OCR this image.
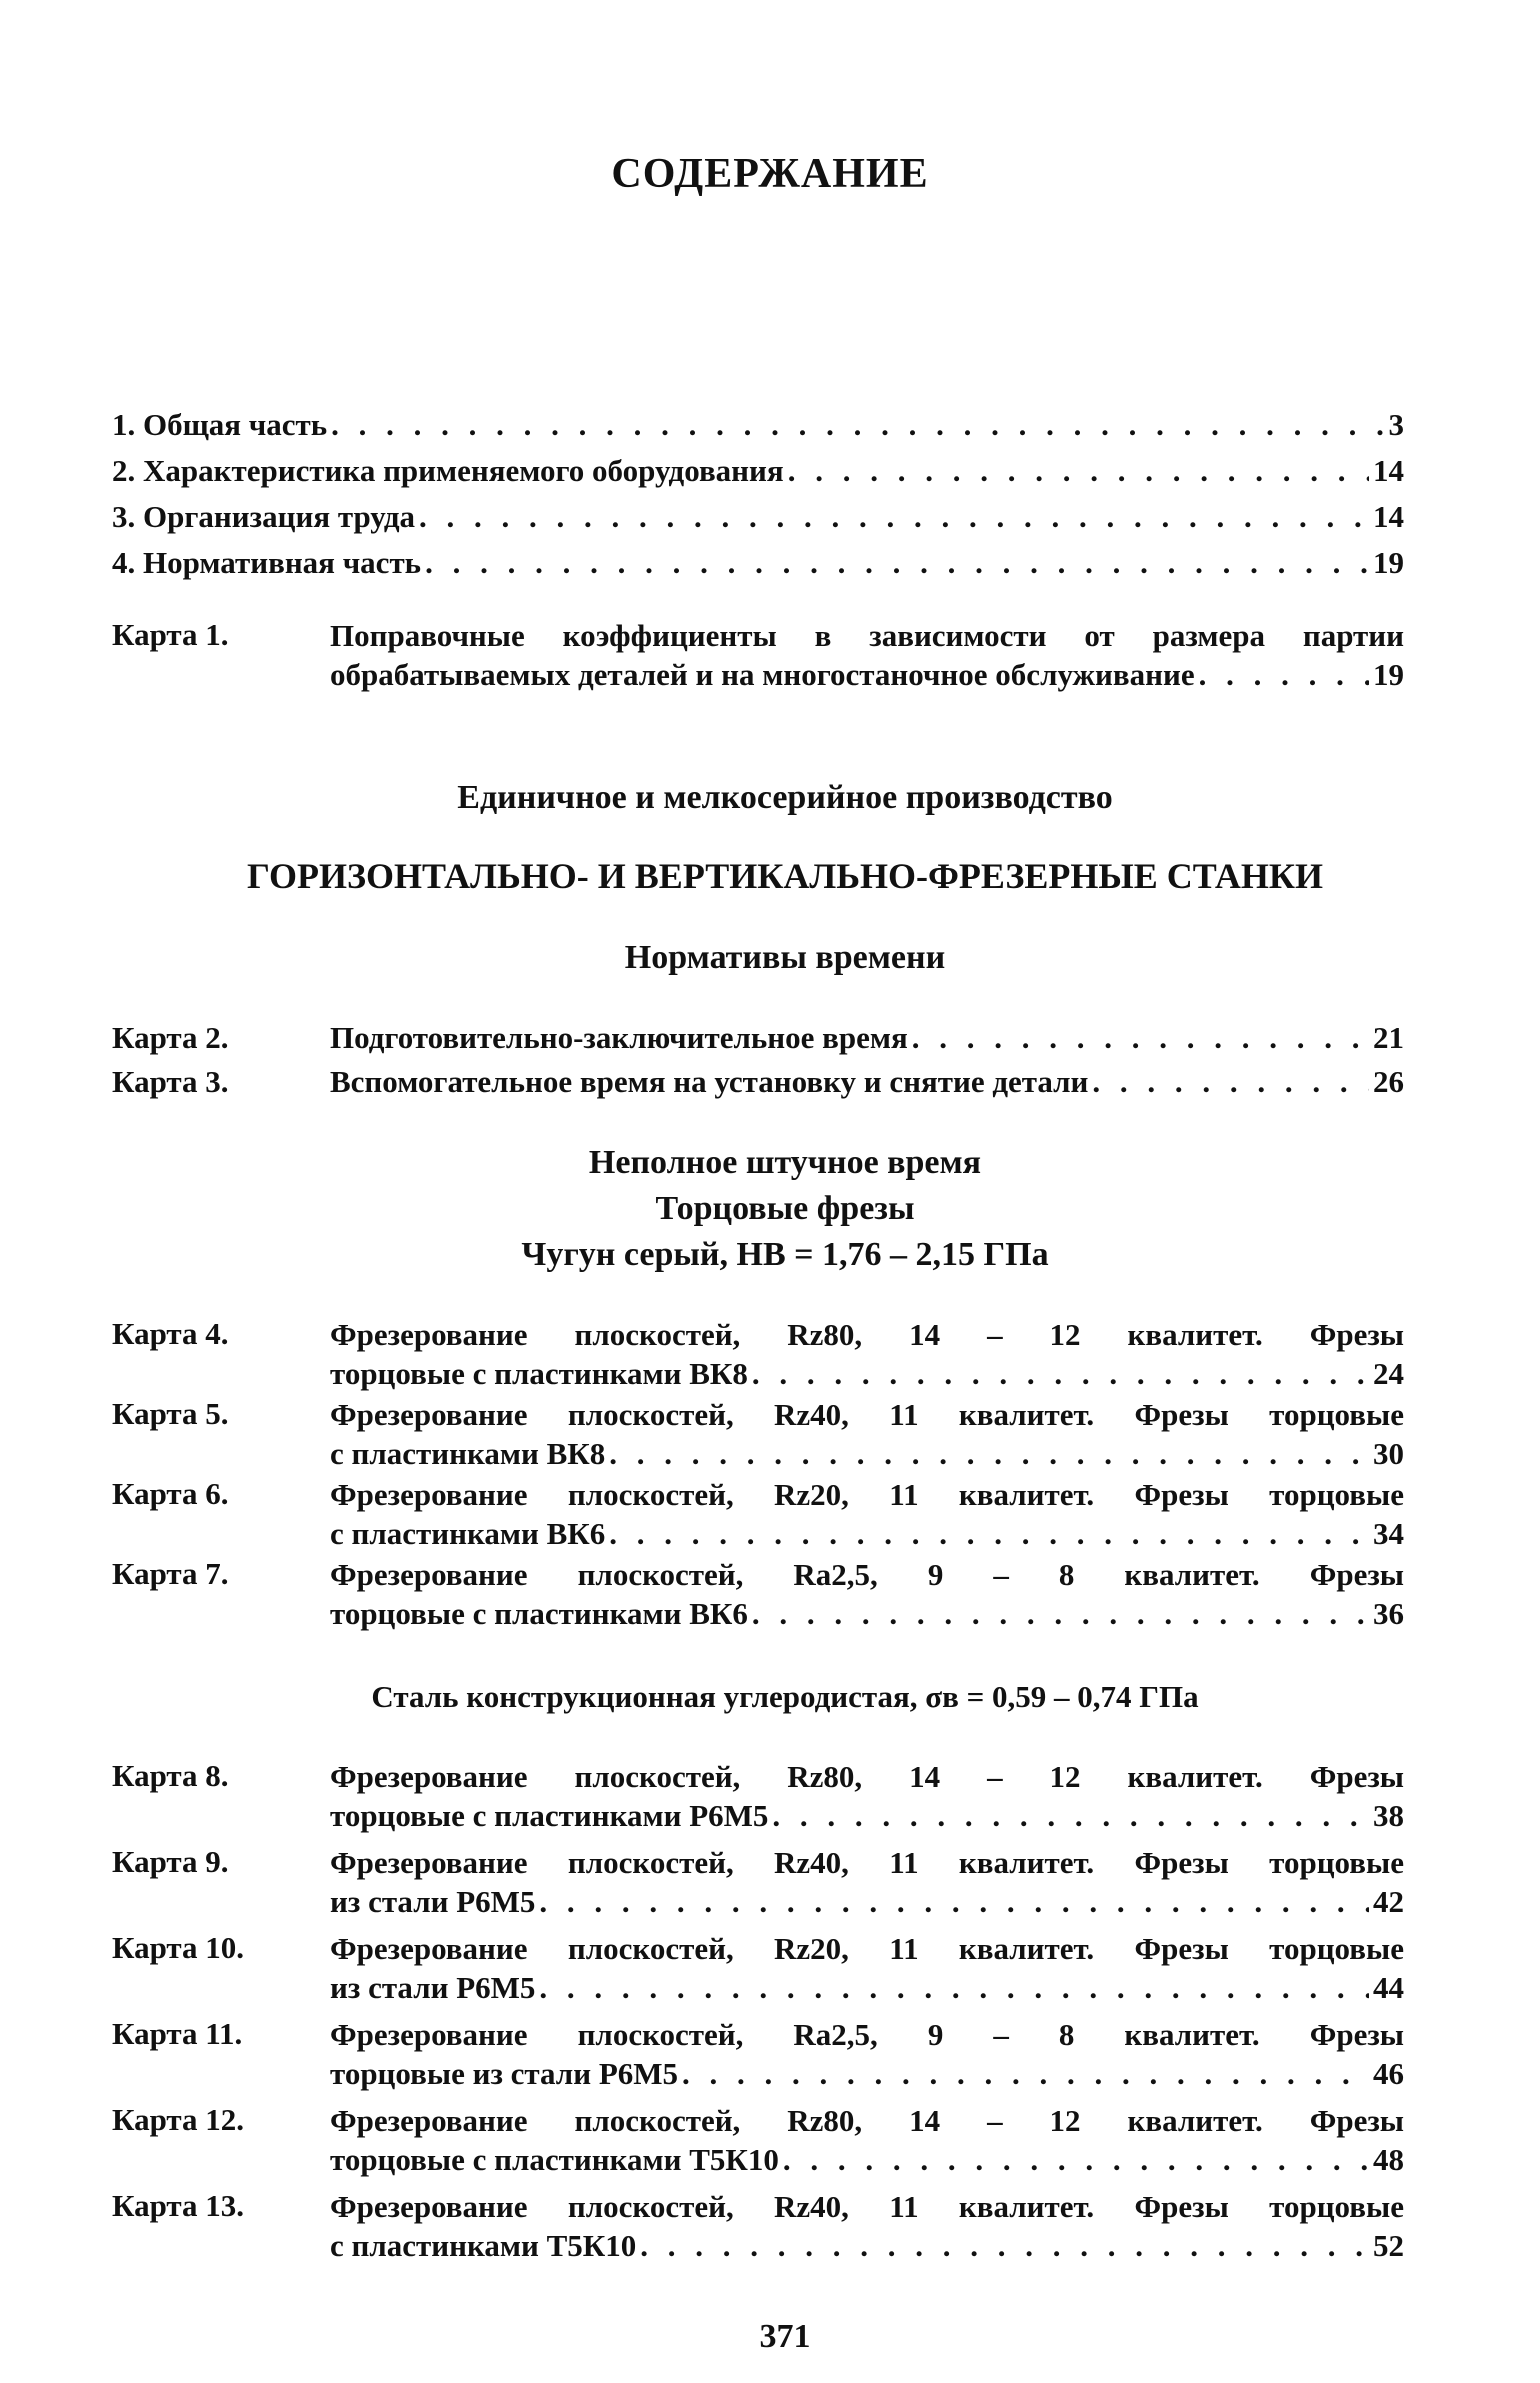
СОДЕРЖАНИЕ
1. Общая часть . . .	3
2. Характеристика применяемого оборудования . . .	14
3. Организация труда . . .	14
4. Нормативная часть . . .	19
Карта 1.	Поправочные коэффициенты в зависимости от размера партии
обрабатываемых деталей и на многостаночное обслуживание . . .	19
Единичное и мелкосерийное производство
ГОРИЗОНТАЛЬНО- И ВЕРТИКАЛЬНО-ФРЕЗЕРНЫЕ СТАНКИ
Нормативы времени
Карта 2.	Подготовительно-заключительное время . . .	21
Карта 3.	Вспомогательное время на установку и снятие детали . . .	26
Неполное штучное время
Торцовые фрезы
Чугун серый, НВ = 1,76 – 2,15 ГПа
Карта 4.	Фрезерование плоскостей, Rz80, 14 – 12 квалитет. Фрезы
торцовые с пластинками ВК8 . . .	24
Карта 5.	Фрезерование плоскостей, Rz40, 11 квалитет. Фрезы торцовые
с пластинками ВК8 . . .	30
Карта 6.	Фрезерование плоскостей, Rz20, 11 квалитет. Фрезы торцовые
с пластинками ВК6 . . .	34
Карта 7.	Фрезерование плоскостей, Ra2,5, 9 – 8 квалитет. Фрезы
торцовые с пластинками ВК6 . . .	36
Сталь конструкционная углеродистая, σв = 0,59 – 0,74 ГПа
Карта 8.	Фрезерование плоскостей, Rz80, 14 – 12 квалитет. Фрезы
торцовые с пластинками Р6М5 . . .	38
Карта 9.	Фрезерование плоскостей, Rz40, 11 квалитет. Фрезы торцовые
из стали Р6М5 . . .	42
Карта 10.	Фрезерование плоскостей, Rz20, 11 квалитет. Фрезы торцовые
из стали Р6М5 . . .	44
Карта 11.	Фрезерование плоскостей, Ra2,5, 9 – 8 квалитет. Фрезы
торцовые из стали Р6М5 . . .	46
Карта 12.	Фрезерование плоскостей, Rz80, 14 – 12 квалитет. Фрезы
торцовые с пластинками Т5К10 . . .	48
Карта 13.	Фрезерование плоскостей, Rz40, 11 квалитет. Фрезы торцовые
с пластинками Т5К10 . . .	52
371
